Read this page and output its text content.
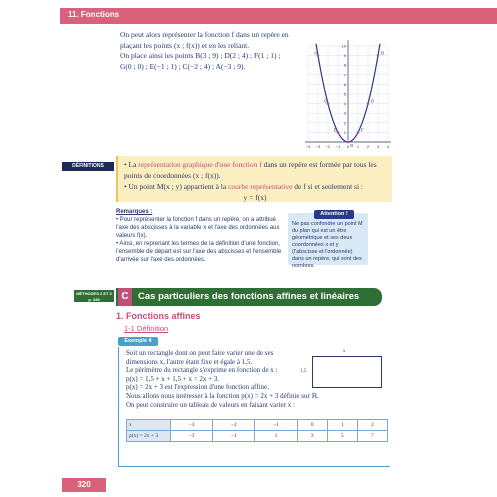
11. Fonctions

On peut alors représenter la fonction f dans un repère en

plaçant les points (x ; f(x)) et en les reliant.

On place ainsi les points B(3 ; 9) ; D(2 ; 4) ; F(1 ; 1) ;

G(0 ; 0) ; E(−1 ; 1) ; C(−2 ; 4) ; A(−3 ; 9).

−4 −3 −2 −1 0 1 2 3 4
1
2
3
4
5
6
7
8
9
10
A	B
C	D
E	F
G
DÉFINITIONS	• La représentation graphique d'une fonction f dans un repère est formée par tous les
points de coordonnées (x ; f(x)).
• Un point M(x ; y) appartient à la courbe représentative de f si et seulement si :
y = f(x)
Remarques :
• Pour représenter la fonction f dans un repère, on a attribué l'axe des abscisses à la variable x et l'axe des ordonnées aux valeurs f(x).
• Ainsi, en reprenant les termes de la définition d'une fonction, l'ensemble de départ est sur l'axe des abscisses et l'ensemble d'arrivée sur l'axe des ordonnées.
Ne pas confondre un point M du plan qui est un être géométrique et ses deux coordonnées x et y (l'abscisse et l'ordonnée) dans un repère, qui sont des nombres.
Attention !
MÉTHODES 2 ET 3 p. 336	C Cas particuliers des fonctions affines et linéaires
1. Fonctions affines
1-1 Définition
Exemple 4

Soit un rectangle dont on peut faire varier une de ses

dimensions x, l'autre étant fixe et égale à 1,5.

Le périmètre du rectangle s'exprime en fonction de x :

p(x) = 1,5 + x + 1,5 + x = 2x + 3.

p(x) = 2x + 3 est l'expression d'une fonction affine.

Nous allons nous intéresser à la fonction p(x) = 2x + 3 définie sur ℝ.

On peut construire un tableau de valeurs en faisant varier x :

x
1,5
x	−3	−2	−1	0	1	2
p(x) = 2x + 3	−3	−1	1	3	5	7
320
